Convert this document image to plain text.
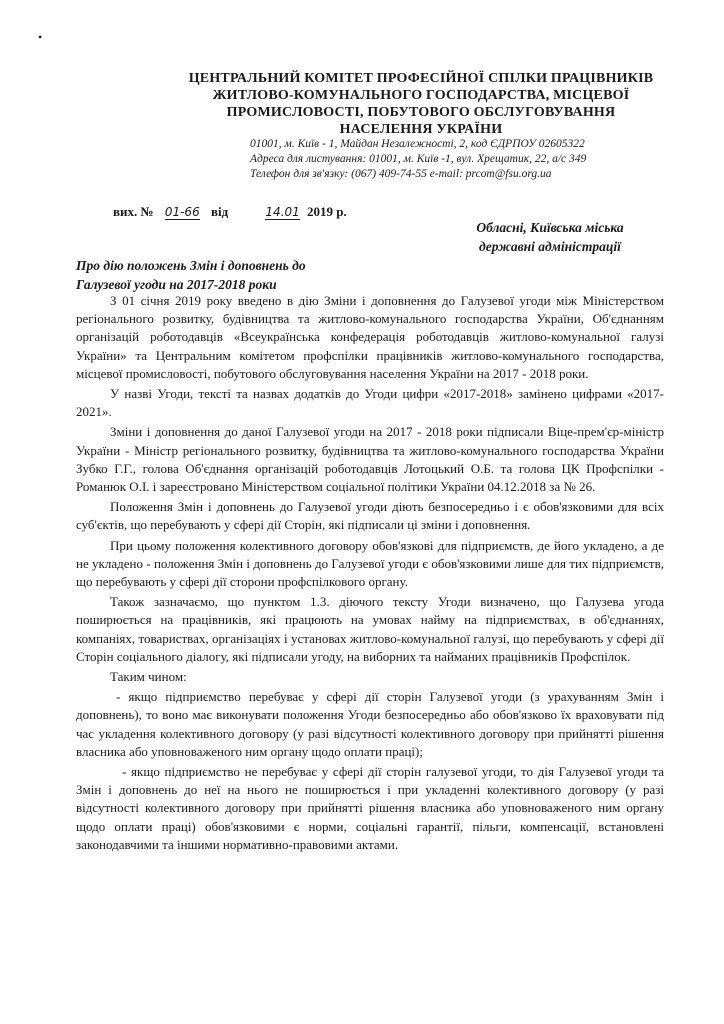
•
ЦЕНТРАЛЬНИЙ КОМІТЕТ ПРОФЕСІЙНОЇ СПІЛКИ ПРАЦІВНИКІВ
ЖИТЛОВО-КОМУНАЛЬНОГО ГОСПОДАРСТВА, МІСЦЕВОЇ
ПРОМИСЛОВОСТІ, ПОБУТОВОГО ОБСЛУГОВУВАННЯ
НАСЕЛЕННЯ УКРАЇНИ
01001, м. Київ - 1, Майдан Незалежності, 2, код ЄДРПОУ 02605322
Адреса для листування: 01001, м. Київ -1, вул. Хрещатик, 22, а/с 349
Телефон для зв'язку: (067) 409-74-55 e-mail: prcom@fsu.org.ua
вих. № 01-66 від	14.01 2019 р.
Обласні, Київська міська
державні адміністрації
Про дію положень Змін і доповнень до
Галузевої угоди на 2017-2018 роки

З 01 січня 2019 року введено в дію Зміни і доповнення до Галузевої угоди між Міністерством регіонального розвитку, будівництва та житлово-комунального господарства України, Об'єднанням організацій роботодавців «Всеукраїнська конфедерація роботодавців житлово-комунальної галузі України» та Центральним комітетом профспілки працівників житлово-комунального господарства, місцевої промисловості, побутового обслуговування населення України на 2017 - 2018 роки.

У назві Угоди, тексті та назвах додатків до Угоди цифри «2017-2018» замінено цифрами «2017-2021».

Зміни і доповнення до даної Галузевої угоди на 2017 - 2018 роки підписали Віце-прем'єр-міністр України - Міністр регіонального розвитку, будівництва та житлово-комунального господарства України Зубко Г.Г., голова Об'єднання організацій роботодавців Лотоцький О.Б. та голова ЦК Профспілки - Романюк О.І. і зареєстровано Міністерством соціальної політики України 04.12.2018 за № 26.

Положення Змін і доповнень до Галузевої угоди діють безпосередньо і є обов'язковими для всіх суб'єктів, що перебувають у сфері дії Сторін, які підписали ці зміни і доповнення.

При цьому положення колективного договору обов'язкові для підприємств, де його укладено, а де не укладено - положення Змін і доповнень до Галузевої угоди є обов'язковими лише для тих підприємств, що перебувають у сфері дії сторони профспілкового органу.

Також зазначаємо, що пунктом 1.3. діючого тексту Угоди визначено, що Галузева угода поширюється на працівників, які працюють на умовах найму на підприємствах, в об'єднаннях, компаніях, товариствах, організаціях і установах житлово-комунальної галузі, що перебувають у сфері дії Сторін соціального діалогу, які підписали угоду, на виборних та найманих працівників Профспілок.

Таким чином:

- якщо підприємство перебуває у сфері дії сторін Галузевої угоди (з урахуванням Змін і доповнень), то воно має виконувати положення Угоди безпосередньо або обов'язково їх враховувати під час укладення колективного договору (у разі відсутності колективного договору при прийнятті рішення власника або уповноваженого ним органу щодо оплати праці);

- якщо підприємство не перебуває у сфері дії сторін галузевої угоди, то дія Галузевої угоди та Змін і доповнень до неї на нього не поширюється і при укладенні колективного договору (у разі відсутності колективного договору при прийнятті рішення власника або уповноваженого ним органу щодо оплати праці) обов'язковими є норми, соціальні гарантії, пільги, компенсації, встановлені законодавчими та іншими нормативно-правовими актами.
